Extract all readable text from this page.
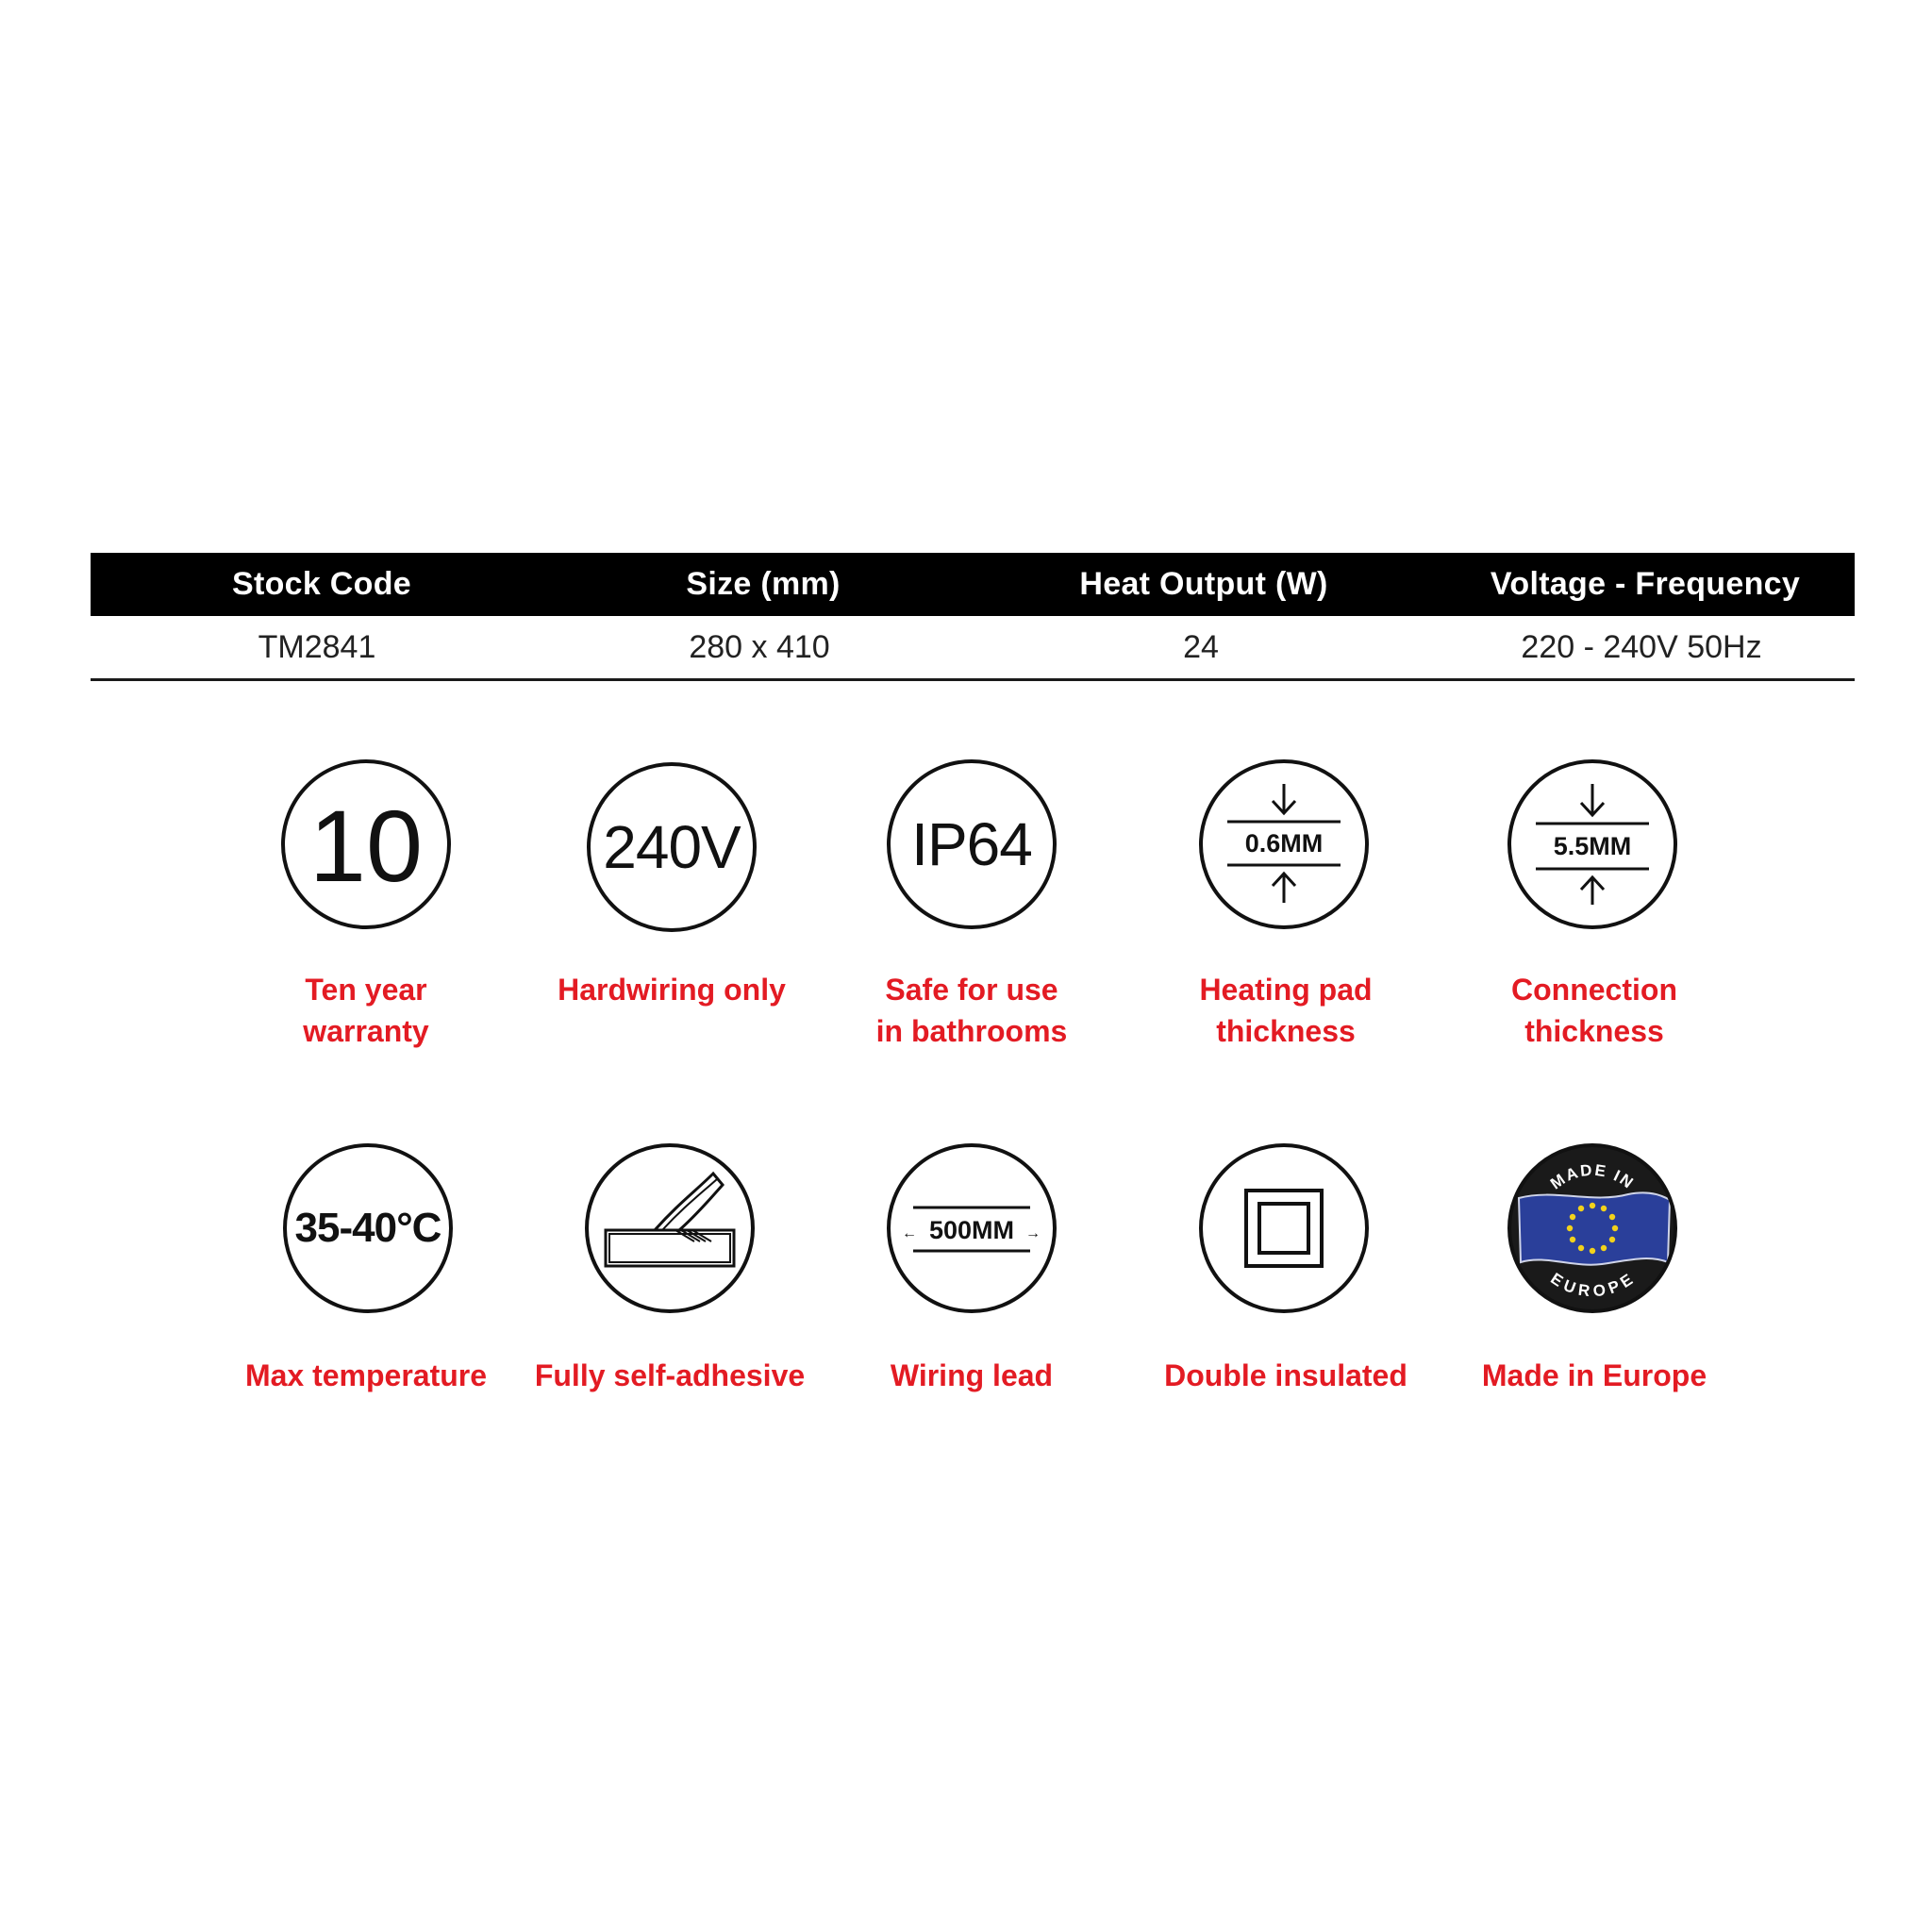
Stock Code	Size (mm)	Heat Output (W)	Voltage - Frequency
TM2841	280 x 410	24	220 - 240V 50Hz
10	240V	IP64	0.6MM	5.5MM
Ten year
warranty
Hardwiring only	Safe for use
in bathrooms
Heating pad
thickness
Connection
thickness
35-40°C	←	→
500MM
MADE IN
EUROPE
Max temperature	Fully self-adhesive	Wiring lead	Double insulated	Made in Europe
